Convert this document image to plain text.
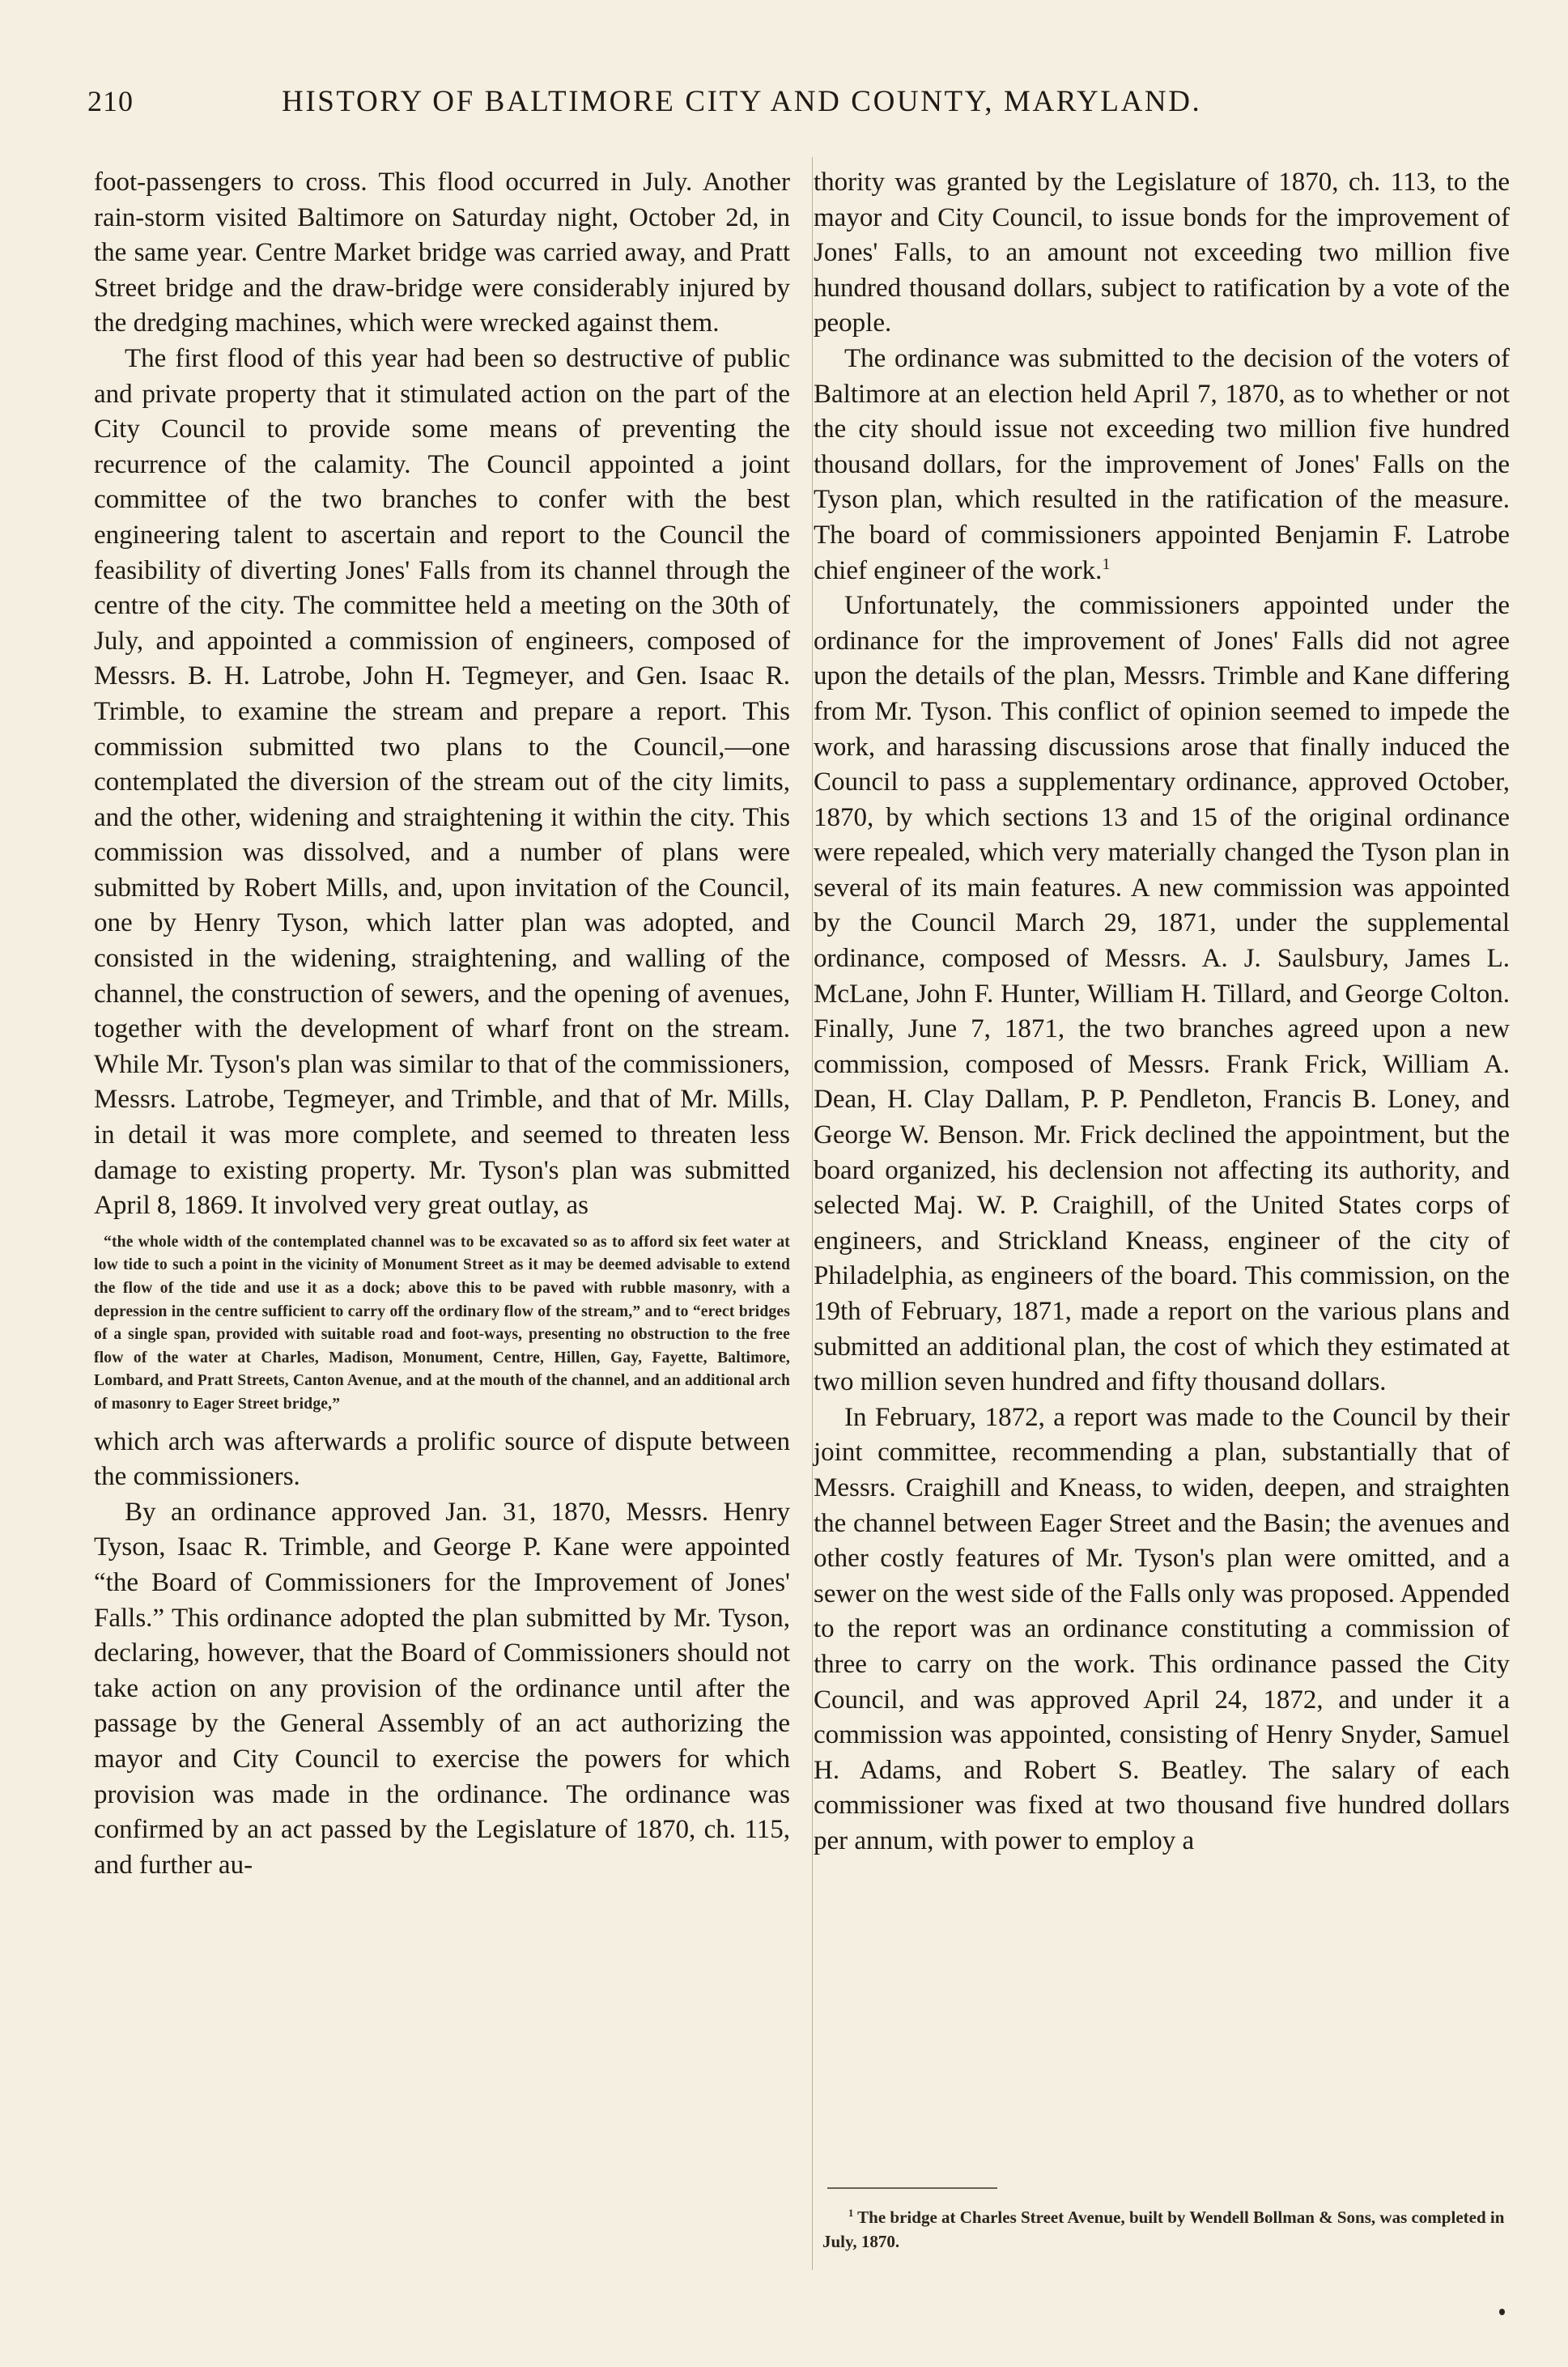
210	HISTORY OF BALTIMORE CITY AND COUNTY, MARYLAND.

foot-passengers to cross. This flood occurred in July. Another rain-storm visited Baltimore on Saturday night, October 2d, in the same year. Centre Market bridge was carried away, and Pratt Street bridge and the draw-bridge were considerably injured by the dredging machines, which were wrecked against them.

The first flood of this year had been so destructive of public and private property that it stimulated action on the part of the City Council to provide some means of preventing the recurrence of the calamity. The Council appointed a joint committee of the two branches to confer with the best engineering talent to ascertain and report to the Council the feasibility of diverting Jones' Falls from its channel through the centre of the city. The committee held a meeting on the 30th of July, and appointed a commission of engineers, composed of Messrs. B. H. Latrobe, John H. Tegmeyer, and Gen. Isaac R. Trimble, to examine the stream and prepare a report. This commission submitted two plans to the Council,—one contemplated the diversion of the stream out of the city limits, and the other, widening and straightening it within the city. This commission was dissolved, and a number of plans were submitted by Robert Mills, and, upon invitation of the Council, one by Henry Tyson, which latter plan was adopted, and consisted in the widening, straightening, and walling of the channel, the construction of sewers, and the opening of avenues, together with the development of wharf front on the stream. While Mr. Tyson's plan was similar to that of the commissioners, Messrs. Latrobe, Tegmeyer, and Trimble, and that of Mr. Mills, in detail it was more complete, and seemed to threaten less damage to existing property. Mr. Tyson's plan was submitted April 8, 1869. It involved very great outlay, as

“the whole width of the contemplated channel was to be excavated so as to afford six feet water at low tide to such a point in the vicinity of Monument Street as it may be deemed advisable to extend the flow of the tide and use it as a dock; above this to be paved with rubble masonry, with a depression in the centre sufficient to carry off the ordinary flow of the stream,” and to “erect bridges of a single span, provided with suitable road and foot-ways, presenting no obstruction to the free flow of the water at Charles, Madison, Monument, Centre, Hillen, Gay, Fayette, Baltimore, Lombard, and Pratt Streets, Canton Avenue, and at the mouth of the channel, and an additional arch of masonry to Eager Street bridge,”

which arch was afterwards a prolific source of dispute between the commissioners.

By an ordinance approved Jan. 31, 1870, Messrs. Henry Tyson, Isaac R. Trimble, and George P. Kane were appointed “the Board of Commissioners for the Improvement of Jones' Falls.” This ordinance adopted the plan submitted by Mr. Tyson, declaring, however, that the Board of Commissioners should not take action on any provision of the ordinance until after the passage by the General Assembly of an act authorizing the mayor and City Council to exercise the powers for which provision was made in the ordinance. The ordinance was confirmed by an act passed by the Legislature of 1870, ch. 115, and further au-

thority was granted by the Legislature of 1870, ch. 113, to the mayor and City Council, to issue bonds for the improvement of Jones' Falls, to an amount not exceeding two million five hundred thousand dollars, subject to ratification by a vote of the people.

The ordinance was submitted to the decision of the voters of Baltimore at an election held April 7, 1870, as to whether or not the city should issue not exceeding two million five hundred thousand dollars, for the improvement of Jones' Falls on the Tyson plan, which resulted in the ratification of the measure. The board of commissioners appointed Benjamin F. Latrobe chief engineer of the work.$^1$

Unfortunately, the commissioners appointed under the ordinance for the improvement of Jones' Falls did not agree upon the details of the plan, Messrs. Trimble and Kane differing from Mr. Tyson. This conflict of opinion seemed to impede the work, and harassing discussions arose that finally induced the Council to pass a supplementary ordinance, approved October, 1870, by which sections 13 and 15 of the original ordinance were repealed, which very materially changed the Tyson plan in several of its main features. A new commission was appointed by the Council March 29, 1871, under the supplemental ordinance, composed of Messrs. A. J. Saulsbury, James L. McLane, John F. Hunter, William H. Tillard, and George Colton. Finally, June 7, 1871, the two branches agreed upon a new commission, composed of Messrs. Frank Frick, William A. Dean, H. Clay Dallam, P. P. Pendleton, Francis B. Loney, and George W. Benson. Mr. Frick declined the appointment, but the board organized, his declension not affecting its authority, and selected Maj. W. P. Craighill, of the United States corps of engineers, and Strickland Kneass, engineer of the city of Philadelphia, as engineers of the board. This commission, on the 19th of February, 1871, made a report on the various plans and submitted an additional plan, the cost of which they estimated at two million seven hundred and fifty thousand dollars.

In February, 1872, a report was made to the Council by their joint committee, recommending a plan, substantially that of Messrs. Craighill and Kneass, to widen, deepen, and straighten the channel between Eager Street and the Basin; the avenues and other costly features of Mr. Tyson's plan were omitted, and a sewer on the west side of the Falls only was proposed. Appended to the report was an ordinance constituting a commission of three to carry on the work. This ordinance passed the City Council, and was approved April 24, 1872, and under it a commission was appointed, consisting of Henry Snyder, Samuel H. Adams, and Robert S. Beatley. The salary of each commissioner was fixed at two thousand five hundred dollars per annum, with power to employ a

$^1$ The bridge at Charles Street Avenue, built by Wendell Bollman & Sons, was completed in July, 1870.
